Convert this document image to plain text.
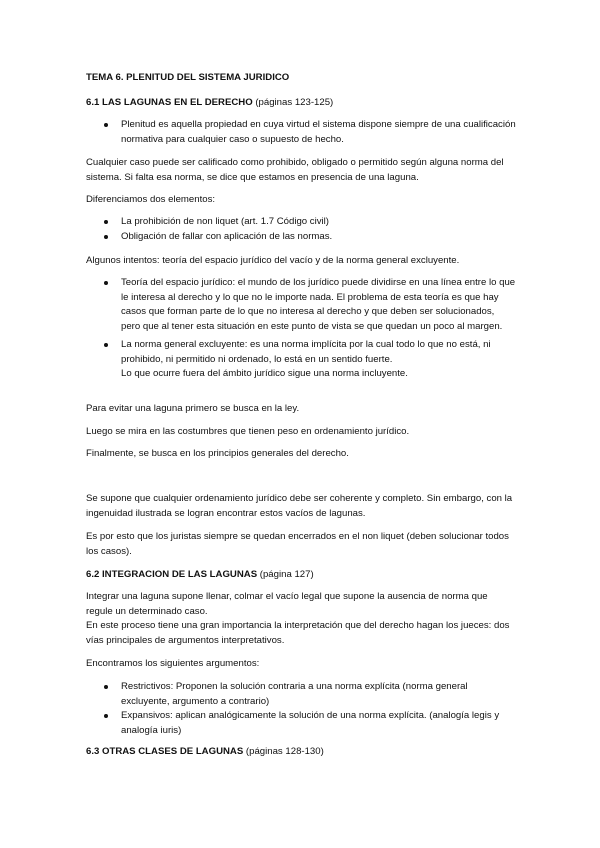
TEMA 6. PLENITUD DEL SISTEMA JURIDICO

6.1 LAS LAGUNAS EN EL DERECHO (páginas 123-125)

Plenitud es aquella propiedad en cuya virtud el sistema dispone siempre de una cualificación normativa para cualquier caso o supuesto de hecho.

Cualquier caso puede ser calificado como prohibido, obligado o permitido según alguna norma del sistema. Si falta esa norma, se dice que estamos en presencia de una laguna.

Diferenciamos dos elementos:

La prohibición de non liquet (art. 1.7 Código civil)
Obligación de fallar con aplicación de las normas.

Algunos intentos: teoría del espacio jurídico del vacío y de la norma general excluyente.

Teoría del espacio jurídico: el mundo de los jurídico puede dividirse en una línea entre lo que le interesa al derecho y lo que no le importe nada. El problema de esta teoría es que hay casos que forman parte de lo que no interesa al derecho y que deben ser solucionados, pero que al tener esta situación en este punto de vista se que quedan un poco al margen.
La norma general excluyente: es una norma implícita por la cual todo lo que no está, ni prohibido, ni permitido ni ordenado, lo está en un sentido fuerte.
Lo que ocurre fuera del ámbito jurídico sigue una norma incluyente.

Para evitar una laguna primero se busca en la ley.

Luego se mira en las costumbres que tienen peso en ordenamiento jurídico.

Finalmente, se busca en los principios generales del derecho.

Se supone que cualquier ordenamiento jurídico debe ser coherente y completo. Sin embargo, con la ingenuidad ilustrada se logran encontrar estos vacíos de lagunas.

Es por esto que los juristas siempre se quedan encerrados en el non liquet (deben solucionar todos los casos).

6.2 INTEGRACION DE LAS LAGUNAS (página 127)

Integrar una laguna supone llenar, colmar el vacío legal que supone la ausencia de norma que regule un determinado caso.
En este proceso tiene una gran importancia la interpretación que del derecho hagan los jueces: dos vías principales de argumentos interpretativos.

Encontramos los siguientes argumentos:

Restrictivos: Proponen la solución contraria a una norma explícita (norma general excluyente, argumento a contrario)
Expansivos: aplican analógicamente la solución de una norma explícita. (analogía legis y analogía iuris)

6.3 OTRAS CLASES DE LAGUNAS (páginas 128-130)
